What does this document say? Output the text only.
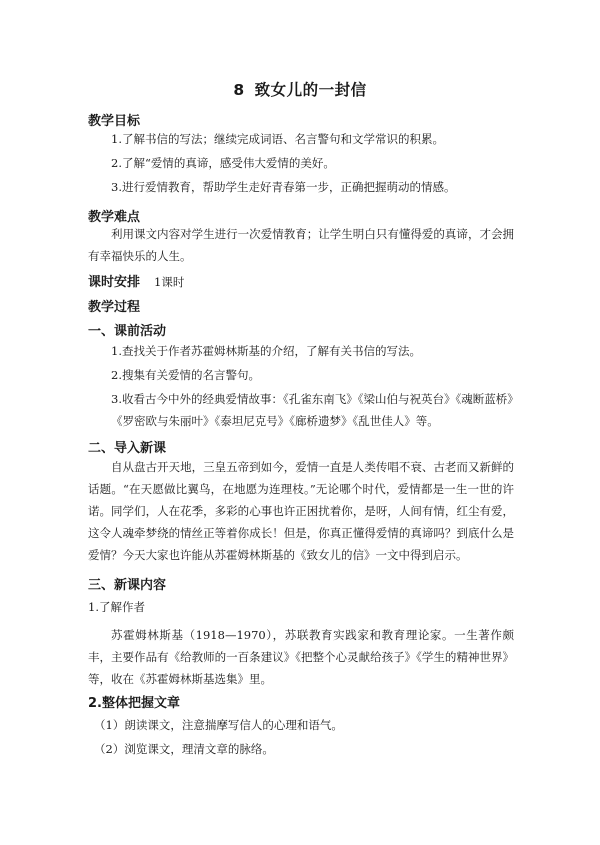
8 致女儿的一封信
教学目标
1.了解书信的写法；继续完成词语、名言警句和文学常识的积累。
2.了解“爱情的真谛，感受伟大爱情的美好。
3.进行爱情教育，帮助学生走好青春第一步，正确把握萌动的情感。
教学难点
利用课文内容对学生进行一次爱情教育；让学生明白只有懂得爱的真谛，才会拥有幸福快乐的人生。
课时安排 1课时
教学过程
一、课前活动
1.查找关于作者苏霍姆林斯基的介绍，了解有关书信的写法。
2.搜集有关爱情的名言警句。
3.收看古今中外的经典爱情故事：《孔雀东南飞》《梁山伯与祝英台》《魂断蓝桥》《罗密欧与朱丽叶》《泰坦尼克号》《廊桥遗梦》《乱世佳人》等。
二、导入新课
自从盘古开天地，三皇五帝到如今，爱情一直是人类传唱不衰、古老而又新鲜的话题。“在天愿做比翼鸟，在地愿为连理枝。”无论哪个时代，爱情都是一生一世的许诺。同学们，人在花季，多彩的心事也许正困扰着你，是呀，人间有情，红尘有爱，这令人魂牵梦绕的情丝正等着你成长！但是，你真正懂得爱情的真谛吗？到底什么是爱情？今天大家也许能从苏霍姆林斯基的《致女儿的信》一文中得到启示。
三、新课内容
1.了解作者
苏霍姆林斯基（1918—1970），苏联教育实践家和教育理论家。一生著作颇丰，主要作品有《给教师的一百条建议》《把整个心灵献给孩子》《学生的精神世界》等，收在《苏霍姆林斯基选集》里。
2.整体把握文章
（1）朗读课文，注意揣摩写信人的心理和语气。
（2）浏览课文，理清文章的脉络。
